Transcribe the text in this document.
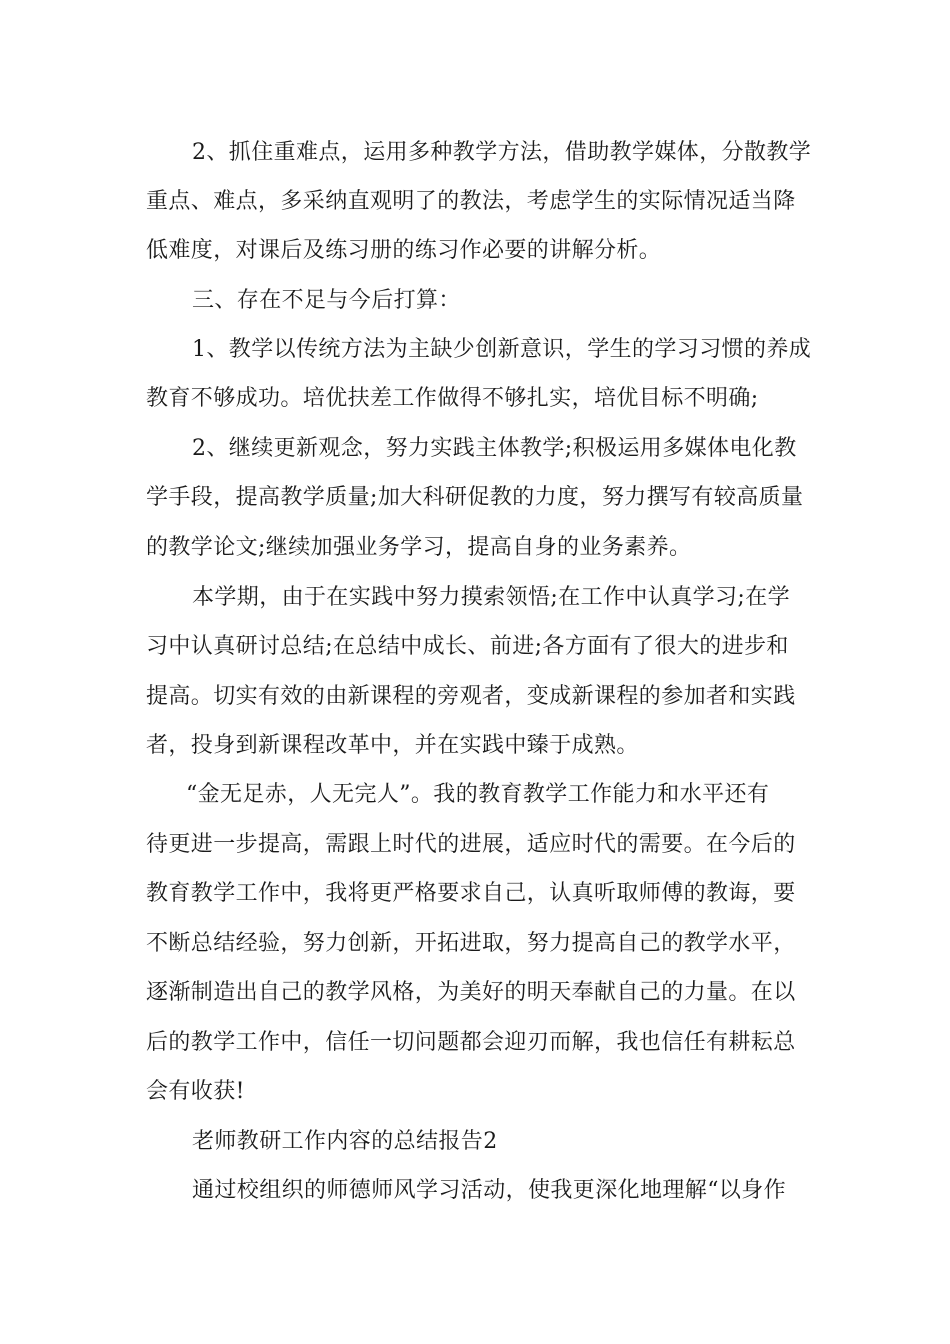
2、抓住重难点，运用多种教学方法，借助教学媒体，分散教学

重点、难点，多采纳直观明了的教法，考虑学生的实际情况适当降

低难度，对课后及练习册的练习作必要的讲解分析。

三、存在不足与今后打算：

1、教学以传统方法为主缺少创新意识，学生的学习习惯的养成

教育不够成功。培优扶差工作做得不够扎实，培优目标不明确;

2、继续更新观念，努力实践主体教学;积极运用多媒体电化教

学手段，提高教学质量;加大科研促教的力度，努力撰写有较高质量

的教学论文;继续加强业务学习，提高自身的业务素养。

本学期，由于在实践中努力摸索领悟;在工作中认真学习;在学

习中认真研讨总结;在总结中成长、前进;各方面有了很大的进步和

提高。切实有效的由新课程的旁观者，变成新课程的参加者和实践

者，投身到新课程改革中，并在实践中臻于成熟。

“金无足赤，人无完人”。我的教育教学工作能力和水平还有

待更进一步提高，需跟上时代的进展，适应时代的需要。在今后的

教育教学工作中，我将更严格要求自己，认真听取师傅的教诲，要

不断总结经验，努力创新，开拓进取，努力提高自己的教学水平，

逐渐制造出自己的教学风格，为美好的明天奉献自己的力量。在以

后的教学工作中，信任一切问题都会迎刃而解，我也信任有耕耘总

会有收获!

老师教研工作内容的总结报告2

通过校组织的师德师风学习活动，使我更深化地理解“以身作
